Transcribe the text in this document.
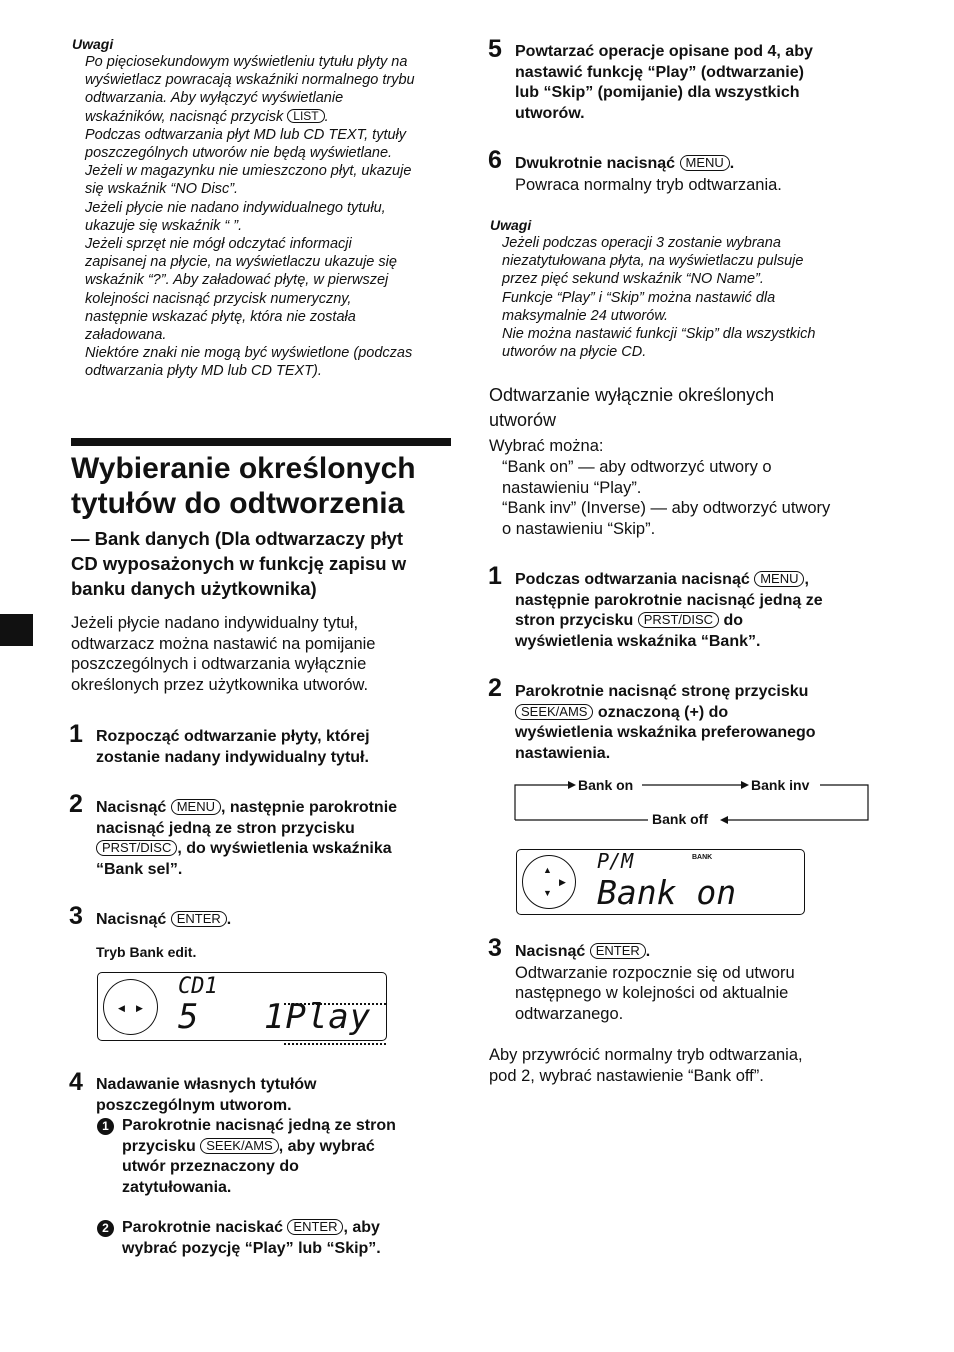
Uwagi
Po pięciosekundowym wyświetleniu tytułu płyty na
wyświetlacz powracają wskaźniki normalnego trybu
odtwarzania. Aby wyłączyć wyświetlanie
wskaźników, nacisnąć przycisk LIST .
Podczas odtwarzania płyt MD lub CD TEXT, tytuły
poszczególnych utworów nie będą wyświetlane.
Jeżeli w magazynku nie umieszczono płyt, ukazuje
się wskaźnik “NO Disc”.
Jeżeli płycie nie nadano indywidualnego tytułu,
ukazuje się wskaźnik “ ”.
Jeżeli sprzęt nie mógł odczytać informacji
zapisanej na płycie, na wyświetlaczu ukazuje się
wskaźnik “?”. Aby załadować płytę, w pierwszej
kolejności nacisnąć przycisk numeryczny,
następnie wskazać płytę, która nie została
załadowana.
Niektóre znaki nie mogą być wyświetlone (podczas
odtwarzania płyty MD lub CD TEXT).
Wybieranie określonych
tytułów do odtworzenia
— Bank danych (Dla odtwarzaczy płyt
CD wyposażonych w funkcję zapisu w
banku danych użytkownika)
Jeżeli płycie nadano indywidualny tytuł,
odtwarzacz można nastawić na pomijanie
poszczególnych i odtwarzania wyłącznie
określonych przez użytkownika utworów.
1 Rozpocząć odtwarzanie płyty, której
zostanie nadany indywidualny tytuł.
2 Nacisnąć MENU , następnie parokrotnie
nacisnąć jedną ze stron przycisku
PRST/DISC , do wyświetlenia wskaźnika
“Bank sel”.
3 Nacisnąć ENTER .
Tryb Bank edit.
◀ ▶
CD1
5   1Play
4 Nadawanie własnych tytułów
poszczególnym utworom.
1 Parokrotnie nacisnąć jedną ze stron
przycisku SEEK/AMS , aby wybrać
utwór przeznaczony do
zatytułowania.
2 Parokrotnie naciskać ENTER , aby
wybrać pozycję “Play” lub “Skip”.
5 Powtarzać operacje opisane pod 4, aby
nastawić funkcję “Play” (odtwarzanie)
lub “Skip” (pomijanie) dla wszystkich
utworów.
6 Dwukrotnie nacisnąć MENU .
Powraca normalny tryb odtwarzania.
Uwagi
Jeżeli podczas operacji 3 zostanie wybrana
niezatytułowana płyta, na wyświetlaczu pulsuje
przez pięć sekund wskaźnik “NO Name”.
Funkcje “Play” i “Skip” można nastawić dla
maksymalnie 24 utworów.
Nie można nastawić funkcji “Skip” dla wszystkich
utworów na płycie CD.
Odtwarzanie wyłącznie określonych
utworów
Wybrać można:
“Bank on” — aby odtworzyć utwory o
nastawieniu “Play”.
“Bank inv” (Inverse) — aby odtworzyć utwory
o nastawieniu “Skip”.
1 Podczas odtwarzania nacisnąć MENU ,
następnie parokrotnie nacisnąć jedną ze
stron przycisku PRST/DISC do
wyświetlenia wskaźnika “Bank”.
2 Parokrotnie nacisnąć stronę przycisku
SEEK/AMS oznaczoną (+) do
wyświetlenia wskaźnika preferowanego
nastawienia.
Bank on	Bank inv
Bank off
▲
▼
▶
P/M	BANK
Bank on
3 Nacisnąć ENTER .
Odtwarzanie rozpocznie się od utworu
następnego w kolejności od aktualnie
odtwarzanego.
Aby przywrócić normalny tryb odtwarzania,
pod 2, wybrać nastawienie “Bank off”.
